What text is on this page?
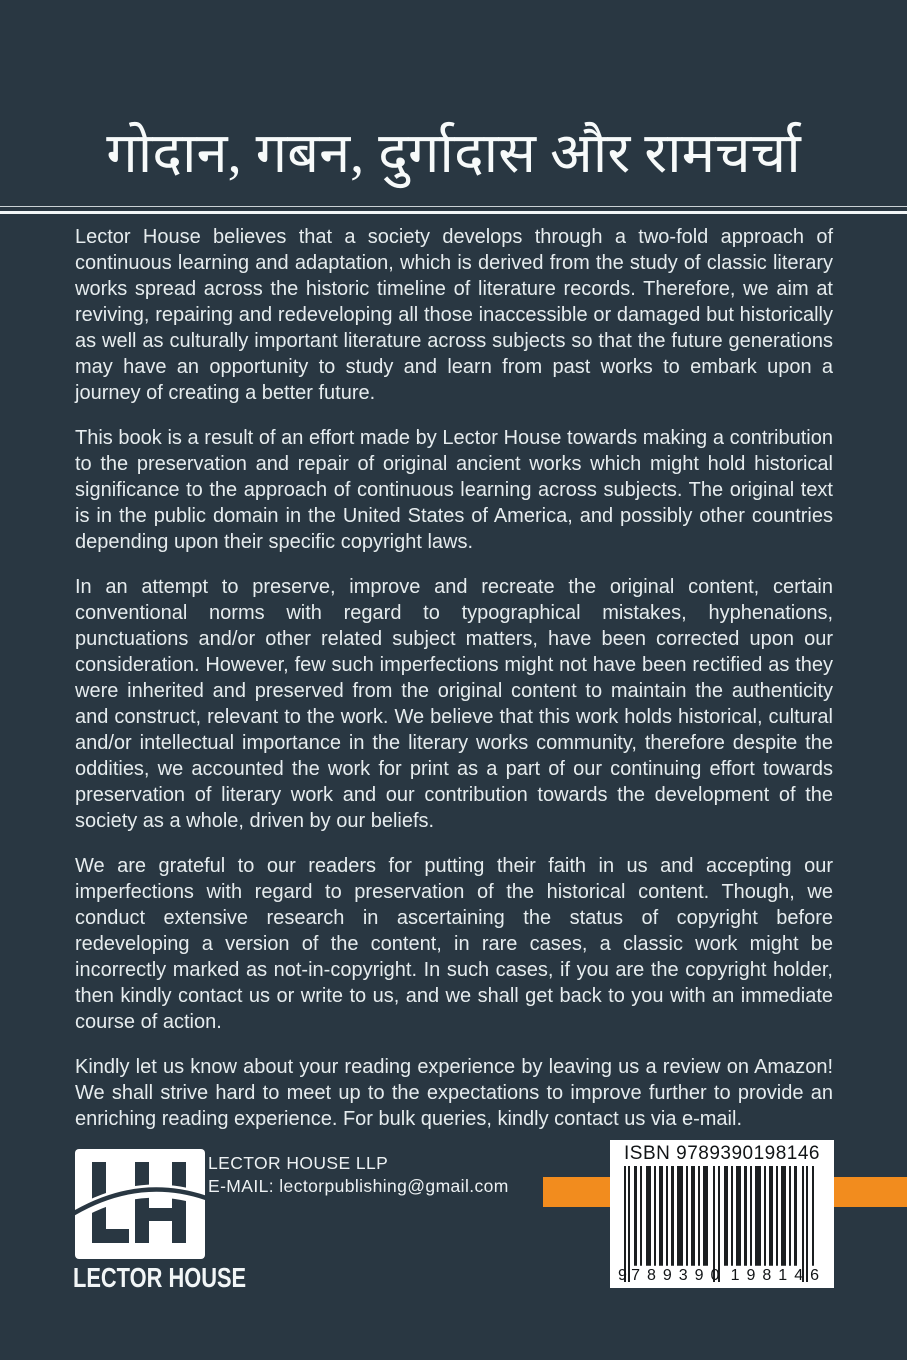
गोदान, गबन, दुर्गादास और रामचर्चा

Lector House believes that a society develops through a two-fold approach of continuous learning and adaptation, which is derived from the study of classic literary works spread across the historic timeline of literature records. Therefore, we aim at reviving, repairing and redeveloping all those inaccessible or damaged but historically as well as culturally important literature across subjects so that the future generations may have an opportunity to study and learn from past works to embark upon a journey of creating a better future.

This book is a result of an effort made by Lector House towards making a contribution to the preservation and repair of original ancient works which might hold historical significance to the approach of continuous learning across subjects. The original text is in the public domain in the United States of America, and possibly other countries depending upon their specific copyright laws.

In an attempt to preserve, improve and recreate the original content, certain conventional norms with regard to typographical mistakes, hyphenations, punctuations and/or other related subject matters, have been corrected upon our consideration. However, few such imperfections might not have been rectified as they were inherited and preserved from the original content to maintain the authenticity and construct, relevant to the work. We believe that this work holds historical, cultural and/or intellectual importance in the literary works community, therefore despite the oddities, we accounted the work for print as a part of our continuing effort towards preservation of literary work and our contribution towards the development of the society as a whole, driven by our beliefs.

We are grateful to our readers for putting their faith in us and accepting our imperfections with regard to preservation of the historical content. Though, we conduct extensive research in ascertaining the status of copyright before redeveloping a version of the content, in rare cases, a classic work might be incorrectly marked as not-in-copyright. In such cases, if you are the copyright holder, then kindly contact us or write to us, and we shall get back to you with an immediate course of action.

Kindly let us know about your reading experience by leaving us a review on Amazon! We shall strive hard to meet up to the expectations to improve further to provide an enriching reading experience. For bulk queries, kindly contact us via e-mail.

LECTOR HOUSE
LECTOR HOUSE LLP
E-MAIL: lectorpublishing@gmail.com
ISBN 9789390198146
9 789390 198146
